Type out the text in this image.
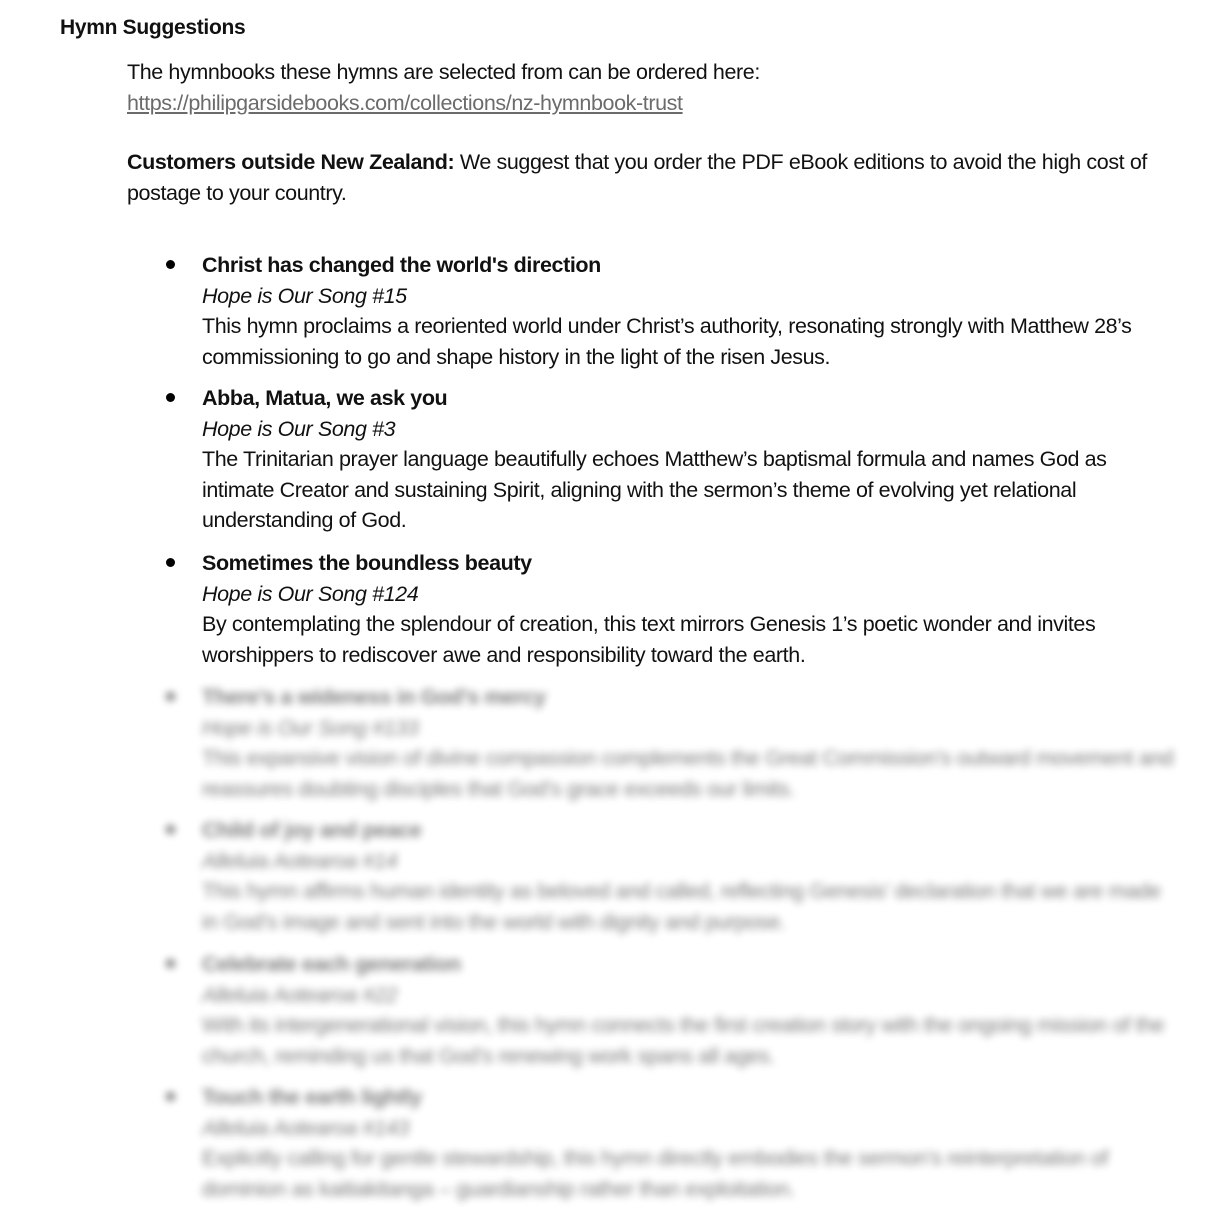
Hymn Suggestions
The hymnbooks these hymns are selected from can be ordered here:
https://philipgarsidebooks.com/collections/nz-hymnbook-trust
Customers outside New Zealand: We suggest that you order the PDF eBook editions to avoid the high cost of postage to your country.
Christ has changed the world's direction
Hope is Our Song #15
This hymn proclaims a reoriented world under Christ’s authority, resonating strongly with Matthew 28’s commissioning to go and shape history in the light of the risen Jesus.
Abba, Matua, we ask you
Hope is Our Song #3
The Trinitarian prayer language beautifully echoes Matthew’s baptismal formula and names God as intimate Creator and sustaining Spirit, aligning with the sermon’s theme of evolving yet relational understanding of God.
Sometimes the boundless beauty
Hope is Our Song #124
By contemplating the splendour of creation, this text mirrors Genesis 1’s poetic wonder and invites worshippers to rediscover awe and responsibility toward the earth.
There’s a wideness in God’s mercy
Hope is Our Song #133
This expansive vision of divine compassion complements the Great Commission’s outward movement and reassures doubting disciples that God’s grace exceeds our limits.
Child of joy and peace
Alleluia Aotearoa #14
This hymn affirms human identity as beloved and called, reflecting Genesis’ declaration that we are made in God’s image and sent into the world with dignity and purpose.
Celebrate each generation
Alleluia Aotearoa #22
With its intergenerational vision, this hymn connects the first creation story with the ongoing mission of the church, reminding us that God’s renewing work spans all ages.
Touch the earth lightly
Alleluia Aotearoa #143
Explicitly calling for gentle stewardship, this hymn directly embodies the sermon’s reinterpretation of dominion as kaitiakitanga – guardianship rather than exploitation.
